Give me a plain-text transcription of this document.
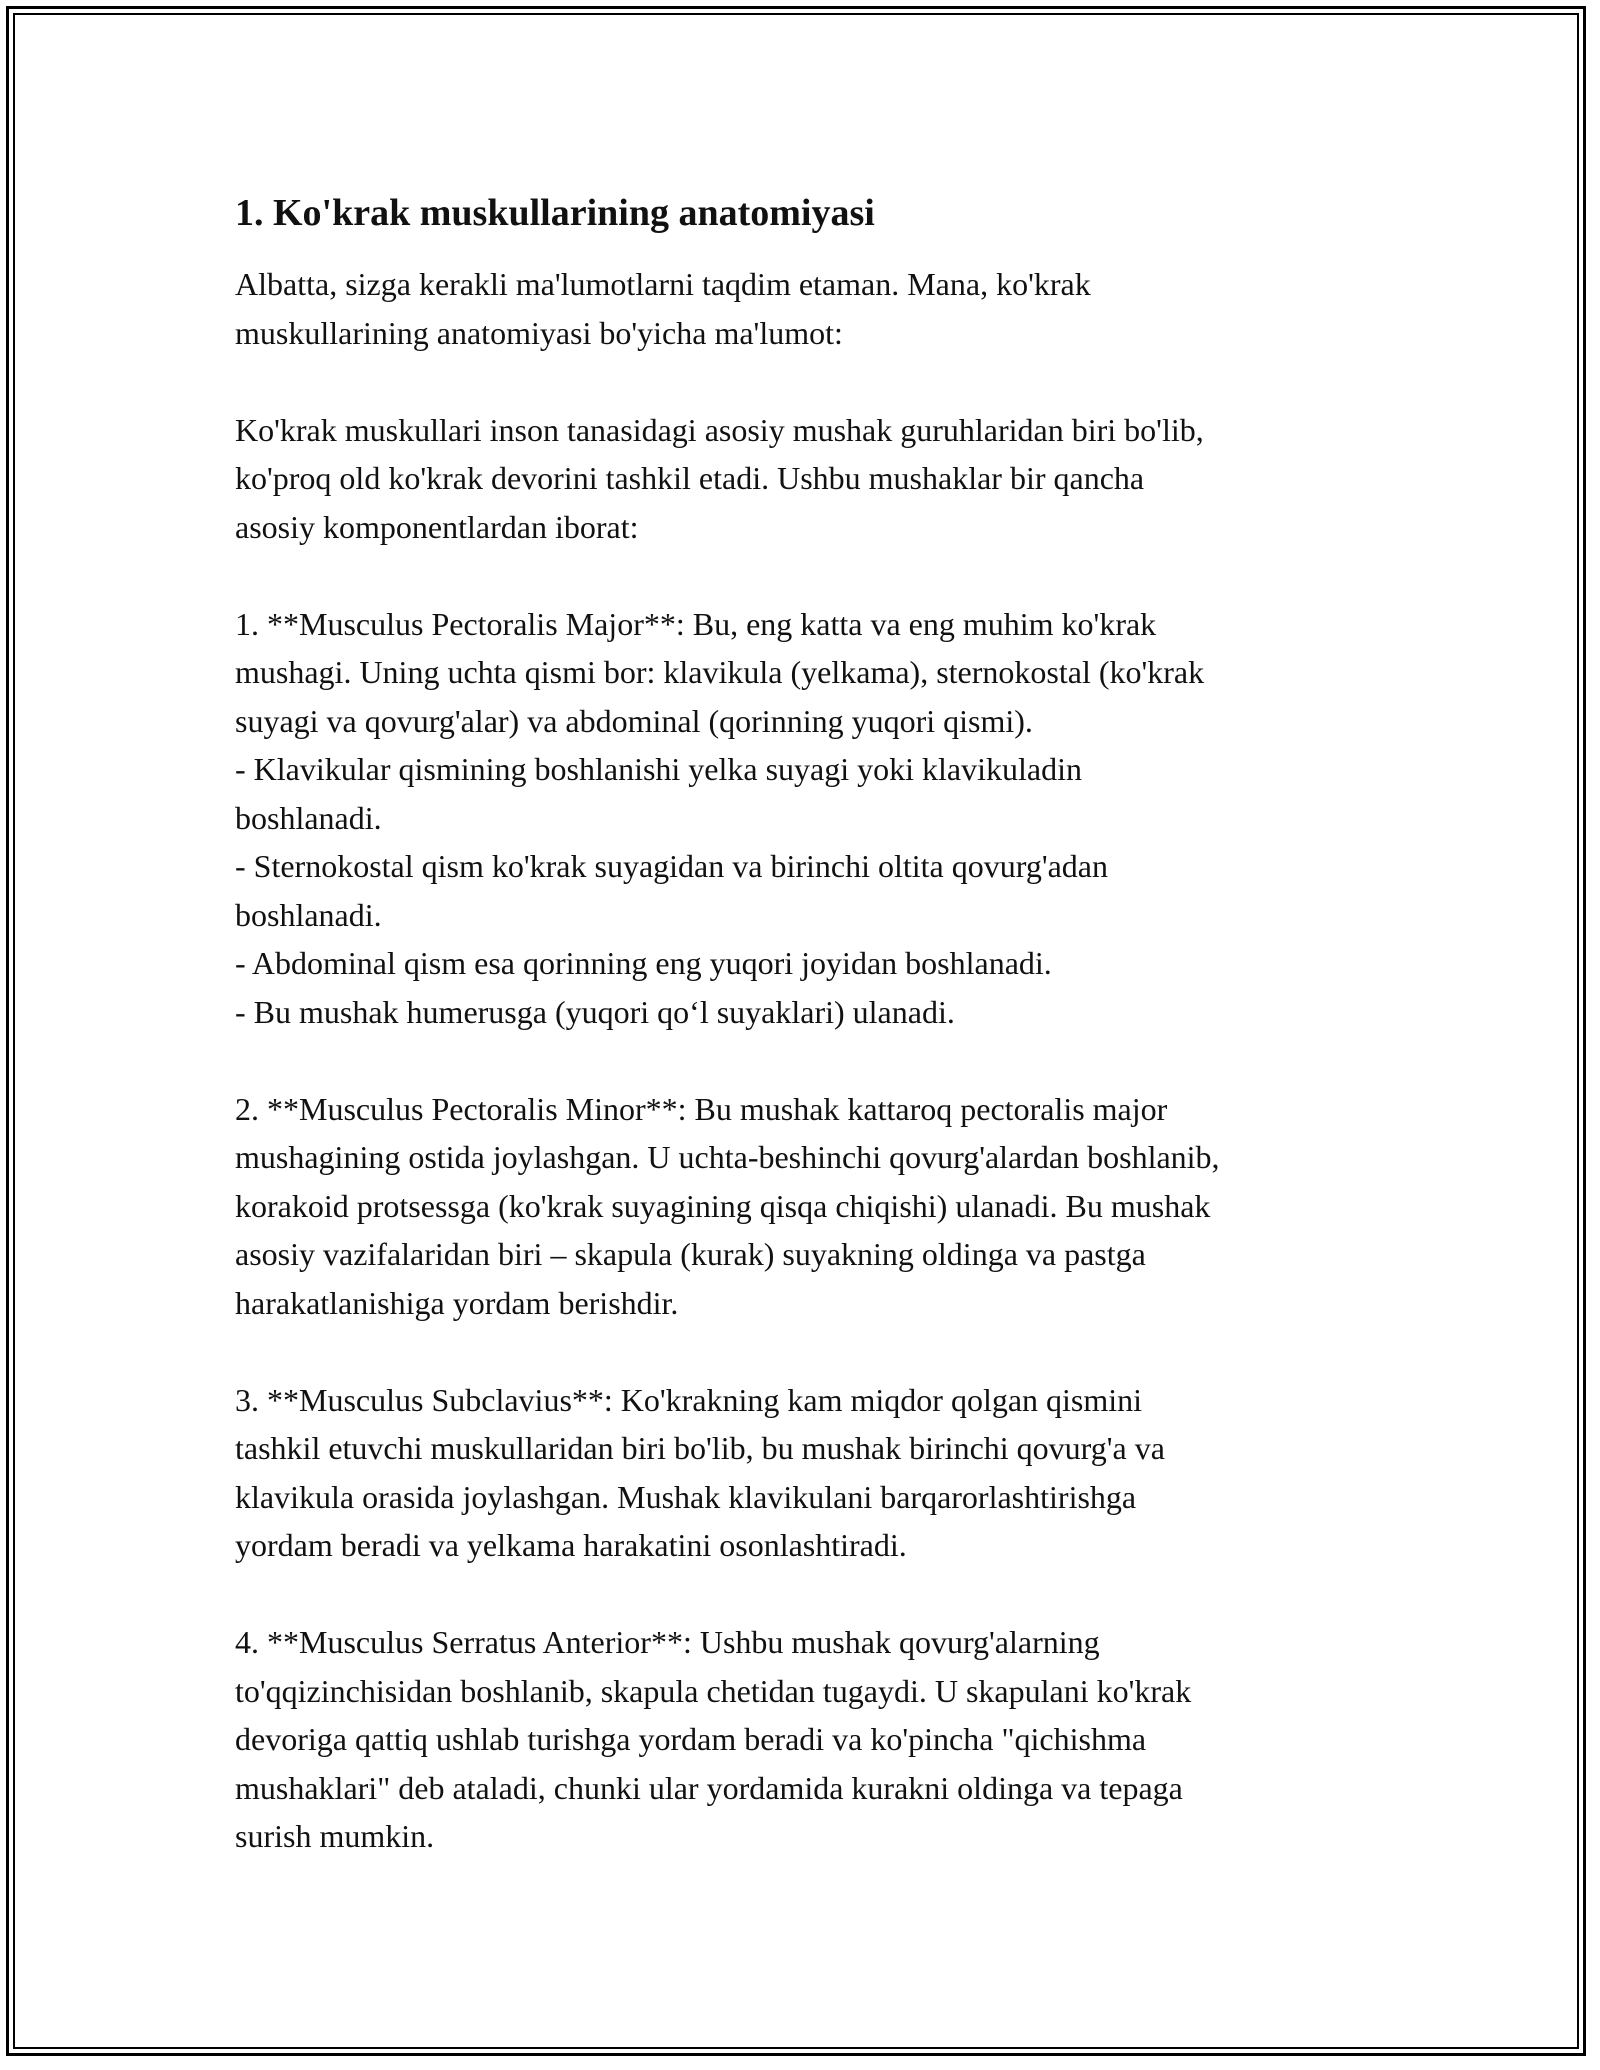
1. Ko'krak muskullarining anatomiyasi

Albatta, sizga kerakli ma'lumotlarni taqdim etaman. Mana, ko'krak
muskullarining anatomiyasi bo'yicha ma'lumot:

Ko'krak muskullari inson tanasidagi asosiy mushak guruhlaridan biri bo'lib,
ko'proq old ko'krak devorini tashkil etadi. Ushbu mushaklar bir qancha
asosiy komponentlardan iborat:

1. **Musculus Pectoralis Major**: Bu, eng katta va eng muhim ko'krak
mushagi. Uning uchta qismi bor: klavikula (yelkama), sternokostal (ko'krak
suyagi va qovurg'alar) va abdominal (qorinning yuqori qismi).
- Klavikular qismining boshlanishi yelka suyagi yoki klavikuladin
boshlanadi.
- Sternokostal qism ko'krak suyagidan va birinchi oltita qovurg'adan
boshlanadi.
- Abdominal qism esa qorinning eng yuqori joyidan boshlanadi.
- Bu mushak humerusga (yuqori qo‘l suyaklari) ulanadi.

2. **Musculus Pectoralis Minor**: Bu mushak kattaroq pectoralis major
mushagining ostida joylashgan. U uchta-beshinchi qovurg'alardan boshlanib,
korakoid protsessga (ko'krak suyagining qisqa chiqishi) ulanadi. Bu mushak
asosiy vazifalaridan biri – skapula (kurak) suyakning oldinga va pastga
harakatlanishiga yordam berishdir.

3. **Musculus Subclavius**: Ko'krakning kam miqdor qolgan qismini
tashkil etuvchi muskullaridan biri bo'lib, bu mushak birinchi qovurg'a va
klavikula orasida joylashgan. Mushak klavikulani barqarorlashtirishga
yordam beradi va yelkama harakatini osonlashtiradi.

4. **Musculus Serratus Anterior**: Ushbu mushak qovurg'alarning
to'qqizinchisidan boshlanib, skapula chetidan tugaydi. U skapulani ko'krak
devoriga qattiq ushlab turishga yordam beradi va ko'pincha "qichishma
mushaklari" deb ataladi, chunki ular yordamida kurakni oldinga va tepaga
surish mumkin.
